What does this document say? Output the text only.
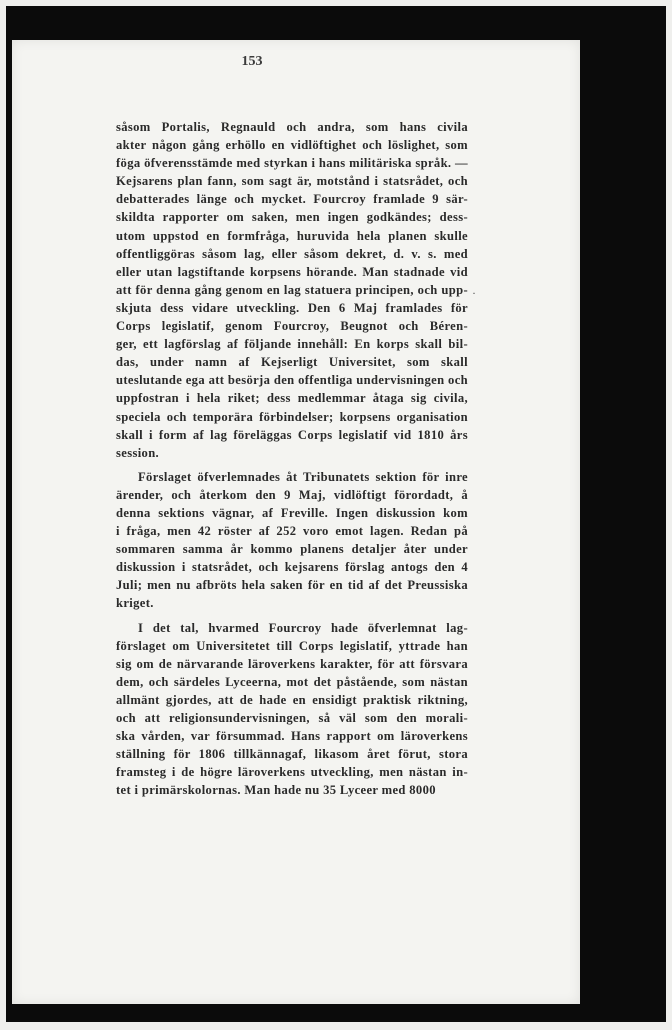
153
·
såsom Portalis, Regnauld och andra, som hans civila
akter någon gång erhöllo en vidlöftighet och löslighet, som
föga öfverensstämde med styrkan i hans militäriska språk. —
Kejsarens plan fann, som sagt är, motstånd i statsrådet, och
debatterades länge och mycket. Fourcroy framlade 9 sär-
skildta rapporter om saken, men ingen godkändes; dess-
utom uppstod en formfråga, huruvida hela planen skulle
offentliggöras såsom lag, eller såsom dekret, d. v. s. med
eller utan lagstiftande korpsens hörande. Man stadnade vid
att för denna gång genom en lag statuera principen, och upp-
skjuta dess vidare utveckling. Den 6 Maj framlades för
Corps legislatif, genom Fourcroy, Beugnot och Béren-
ger, ett lagförslag af följande innehåll: En korps skall bil-
das, under namn af Kejserligt Universitet, som skall
uteslutande ega att besörja den offentliga undervisningen och
uppfostran i hela riket; dess medlemmar åtaga sig civila,
speciela och temporära förbindelser; korpsens organisation
skall i form af lag föreläggas Corps legislatif vid 1810 års
session.
Förslaget öfverlemnades åt Tribunatets sektion för inre
ärender, och återkom den 9 Maj, vidlöftigt förordadt, å
denna sektions vägnar, af Freville. Ingen diskussion kom
i fråga, men 42 röster af 252 voro emot lagen. Redan på
sommaren samma år kommo planens detaljer åter under
diskussion i statsrådet, och kejsarens förslag antogs den 4
Juli; men nu afbröts hela saken för en tid af det Preussiska
kriget.
I det tal, hvarmed Fourcroy hade öfverlemnat lag-
förslaget om Universitetet till Corps legislatif, yttrade han
sig om de närvarande läroverkens karakter, för att försvara
dem, och särdeles Lyceerna, mot det påstående, som nästan
allmänt gjordes, att de hade en ensidigt praktisk riktning,
och att religionsundervisningen, så väl som den morali-
ska vården, var försummad. Hans rapport om läroverkens
ställning för 1806 tillkännagaf, likasom året förut, stora
framsteg i de högre läroverkens utveckling, men nästan in-
tet i primärskolornas. Man hade nu 35 Lyceer med 8000
